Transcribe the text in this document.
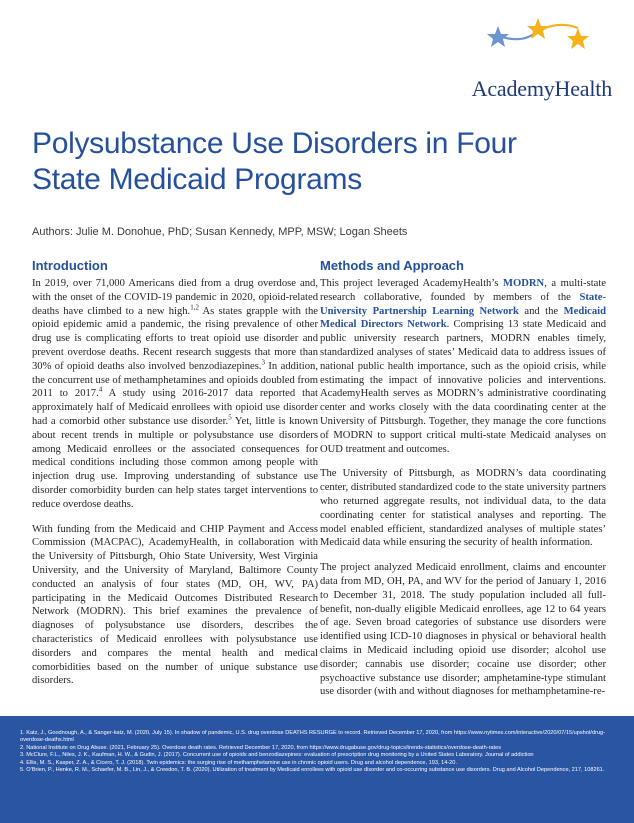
AcademyHealth
Polysubstance Use Disorders in Four State Medicaid Programs
Authors: Julie M. Donohue, PhD; Susan Kennedy, MPP, MSW; Logan Sheets
Introduction

In 2019, over 71,000 Americans died from a drug overdose and, with the onset of the COVID-19 pandemic in 2020, opioid-related deaths have climbed to a new high.$^{1,2}$ As states grapple with the opioid epidemic amid a pandemic, the rising prevalence of other drug use is complicating efforts to treat opioid use disorder and prevent overdose deaths. Recent research suggests that more than 30% of opioid deaths also involved benzodiazepines.$^3$ In addition, the concurrent use of methamphetamines and opioids doubled from 2011 to 2017.$^4$ A study using 2016-2017 data reported that approximately half of Medicaid enrollees with opioid use disorder had a comorbid other substance use disorder.$^5$ Yet, little is known about recent trends in multiple or polysubstance use disorders among Medicaid enrollees or the associated consequences for medical conditions including those common among people with injection drug use. Improving understanding of substance use disorder comorbidity burden can help states target interventions to reduce overdose deaths.

With funding from the Medicaid and CHIP Payment and Access Commission (MACPAC), AcademyHealth, in collaboration with the University of Pittsburgh, Ohio State University, West Virginia University, and the University of Maryland, Baltimore County conducted an analysis of four states (MD, OH, WV, PA) participating in the Medicaid Outcomes Distributed Research Network (MODRN). This brief examines the prevalence of diagnoses of polysubstance use disorders, describes the characteristics of Medicaid enrollees with polysubstance use disorders and compares the mental health and medical comorbidities based on the number of unique substance use disorders.

Methods and Approach

This project leveraged AcademyHealth’s MODRN, a multi-state research collaborative, founded by members of the State-University Partnership Learning Network and the Medicaid Medical Directors Network. Comprising 13 state Medicaid and public university research partners, MODRN enables timely, standardized analyses of states’ Medicaid data to address issues of national public health importance, such as the opioid crisis, while estimating the impact of innovative policies and interventions. AcademyHealth serves as MODRN’s administrative coordinating center and works closely with the data coordinating center at the University of Pittsburgh. Together, they manage the core functions of MODRN to support critical multi-state Medicaid analyses on OUD treatment and outcomes.

The University of Pittsburgh, as MODRN’s data coordinating center, distributed standardized code to the state university partners who returned aggregate results, not individual data, to the data coordinating center for statistical analyses and reporting. The model enabled efficient, standardized analyses of multiple states’ Medicaid data while ensuring the security of health information.

The project analyzed Medicaid enrollment, claims and encounter data from MD, OH, PA, and WV for the period of January 1, 2016 to December 31, 2018. The study population included all full-benefit, non-dually eligible Medicaid enrollees, age 12 to 64 years of age. Seven broad categories of substance use disorders were identified using ICD-10 diagnoses in physical or behavioral health claims in Medicaid including opioid use disorder; alcohol use disorder; cannabis use disorder; cocaine use disorder; other psychoactive substance use disorder; amphetamine-type stimulant use disorder (with and without diagnoses for methamphetamine-re-

1. Katz, J., Goodnough, A., & Sanger-katz, M. (2020, July 15). In shadow of pandemic, U.S. drug overdose DEATHS RESURGE to record. Retrieved December 17, 2020, from https://www.nytimes.com/interactive/2020/07/15/upshot/drug-overdose-deaths.html
2. National Institute on Drug Abuse. (2021, February 25). Overdose death rates. Retrieved December 17, 2020, from https://www.drugabuse.gov/drug-topics/trends-statistics/overdose-death-rates
3. McClure, F.L., Niles, J. K., Kaufman, H. W., & Gudin, J. (2017). Concurrent use of opioids and benzodiazepines: evaluation of prescription drug monitoring by a United States Laboratory. Journal of addiction
4. Ellis, M. S., Kasper, Z. A., & Cicero, T. J. (2018). Twin epidemics: the surging rise of methamphetamine use in chronic opioid users. Drug and alcohol dependence, 193, 14-20.
5. O’Brien, P., Henke, R. M., Schaefer, M. B., Lin, J., & Creedon, T. B. (2020). Utilization of treatment by Medicaid enrollees with opioid use disorder and co-occurring substance use disorders. Drug and Alcohol Dependence, 217, 108261.
